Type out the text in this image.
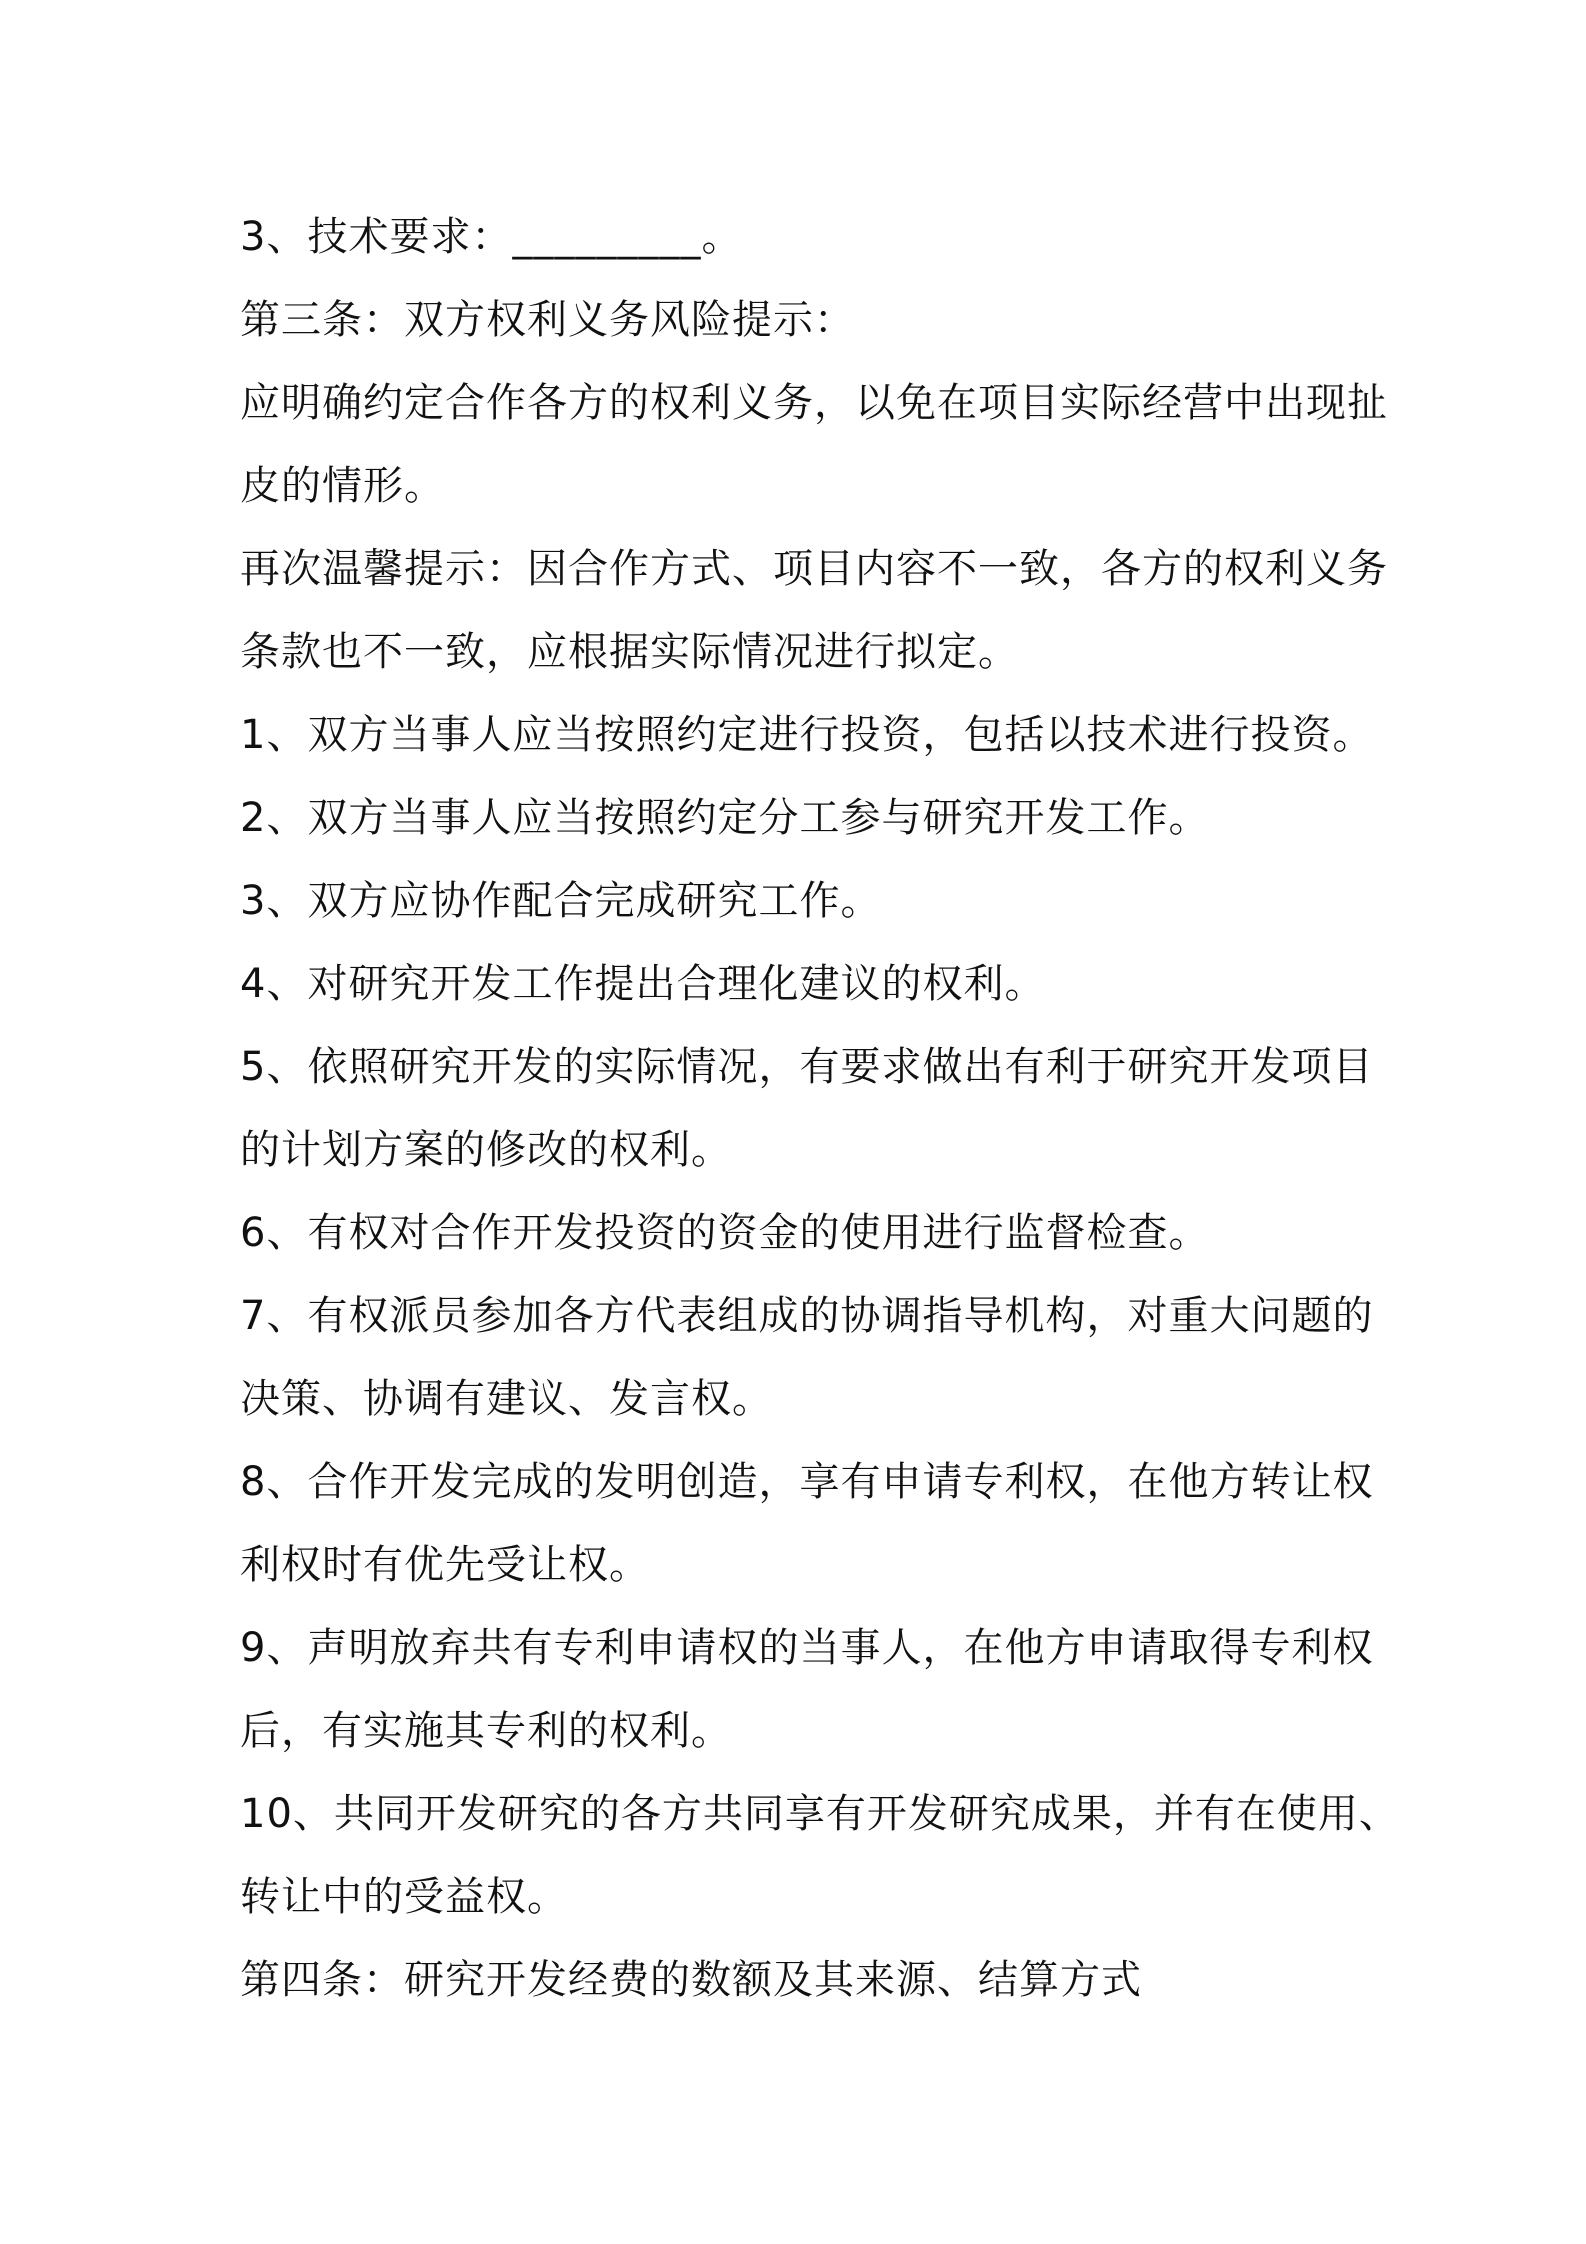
3、技术要求：_________。
第三条：双方权利义务风险提示：
应明确约定合作各方的权利义务，以免在项目实际经营中出现扯
皮的情形。
再次温馨提示：因合作方式、项目内容不一致，各方的权利义务
条款也不一致，应根据实际情况进行拟定。
1、双方当事人应当按照约定进行投资，包括以技术进行投资。
2、双方当事人应当按照约定分工参与研究开发工作。
3、双方应协作配合完成研究工作。
4、对研究开发工作提出合理化建议的权利。
5、依照研究开发的实际情况，有要求做出有利于研究开发项目
的计划方案的修改的权利。
6、有权对合作开发投资的资金的使用进行监督检查。
7、有权派员参加各方代表组成的协调指导机构，对重大问题的
决策、协调有建议、发言权。
8、合作开发完成的发明创造，享有申请专利权，在他方转让权
利权时有优先受让权。
9、声明放弃共有专利申请权的当事人，在他方申请取得专利权
后，有实施其专利的权利。
10、共同开发研究的各方共同享有开发研究成果，并有在使用、
转让中的受益权。
第四条：研究开发经费的数额及其来源、结算方式
